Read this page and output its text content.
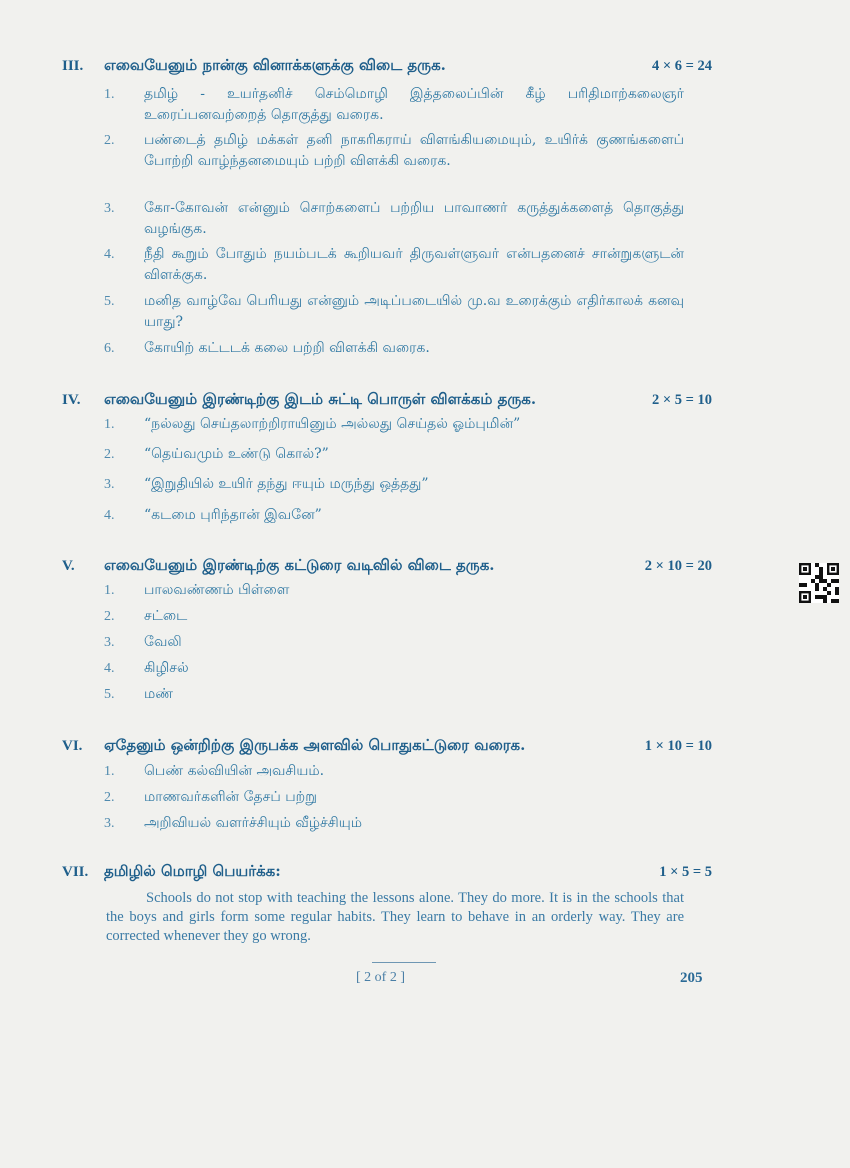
III.	எவையேனும் நான்கு வினாக்களுக்கு விடை தருக.	4 × 6 = 24
1.	தமிழ் - உயர்தனிச் செம்மொழி இத்தலைப்பின் கீழ் பரிதிமாற்கலைஞர் உரைப்பனவற்றைத் தொகுத்து வரைக.
2.	பண்டைத் தமிழ் மக்கள் தனி நாகரிகராய் விளங்கியமையும், உயிர்க் குணங்களைப் போற்றி வாழ்ந்தனமையும் பற்றி விளக்கி வரைக.
3.	கோ-கோவன் என்னும் சொற்களைப் பற்றிய பாவாணர் கருத்துக்களைத் தொகுத்து வழங்குக.
4.	நீதி கூறும் போதும் நயம்படக் கூறியவர் திருவள்ளுவர் என்பதனைச் சான்றுகளுடன் விளக்குக.
5.	மனித வாழ்வே பெரியது என்னும் அடிப்படையில் மு.வ உரைக்கும் எதிர்காலக் கனவு யாது?
6.	கோயிற் கட்டடக் கலை பற்றி விளக்கி வரைக.
IV.	எவையேனும் இரண்டிற்கு இடம் சுட்டி பொருள் விளக்கம் தருக.	2 × 5 = 10
1.	“நல்லது செய்தலாற்றிராயினும் அல்லது செய்தல் ஓம்புமின்”
2.	“தெய்வமும் உண்டு கொல்?”
3.	“இறுதியில் உயிர் தந்து ஈயும் மருந்து ஒத்தது”
4.	“கடமை புரிந்தான் இவனே”
V.	எவையேனும் இரண்டிற்கு கட்டுரை வடிவில் விடை தருக.	2 × 10 = 20
1.	பாலவண்ணம் பிள்ளை
2.	சட்டை
3.	வேலி
4.	கிழிசல்
5.	மண்
VI.	ஏதேனும் ஒன்றிற்கு இருபக்க அளவில் பொதுகட்டுரை வரைக.	1 × 10 = 10
1.	பெண் கல்வியின் அவசியம்.
2.	மாணவர்களின் தேசப் பற்று
3.	அறிவியல் வளர்ச்சியும் வீழ்ச்சியும்
VII.	தமிழில் மொழி பெயர்க்க:	1 × 5 = 5
Schools do not stop with teaching the lessons alone. They do more. It is in the schools that the boys and girls form some regular habits. They learn to behave in an orderly way. They are corrected whenever they go wrong.
[ 2 of 2 ]	205
